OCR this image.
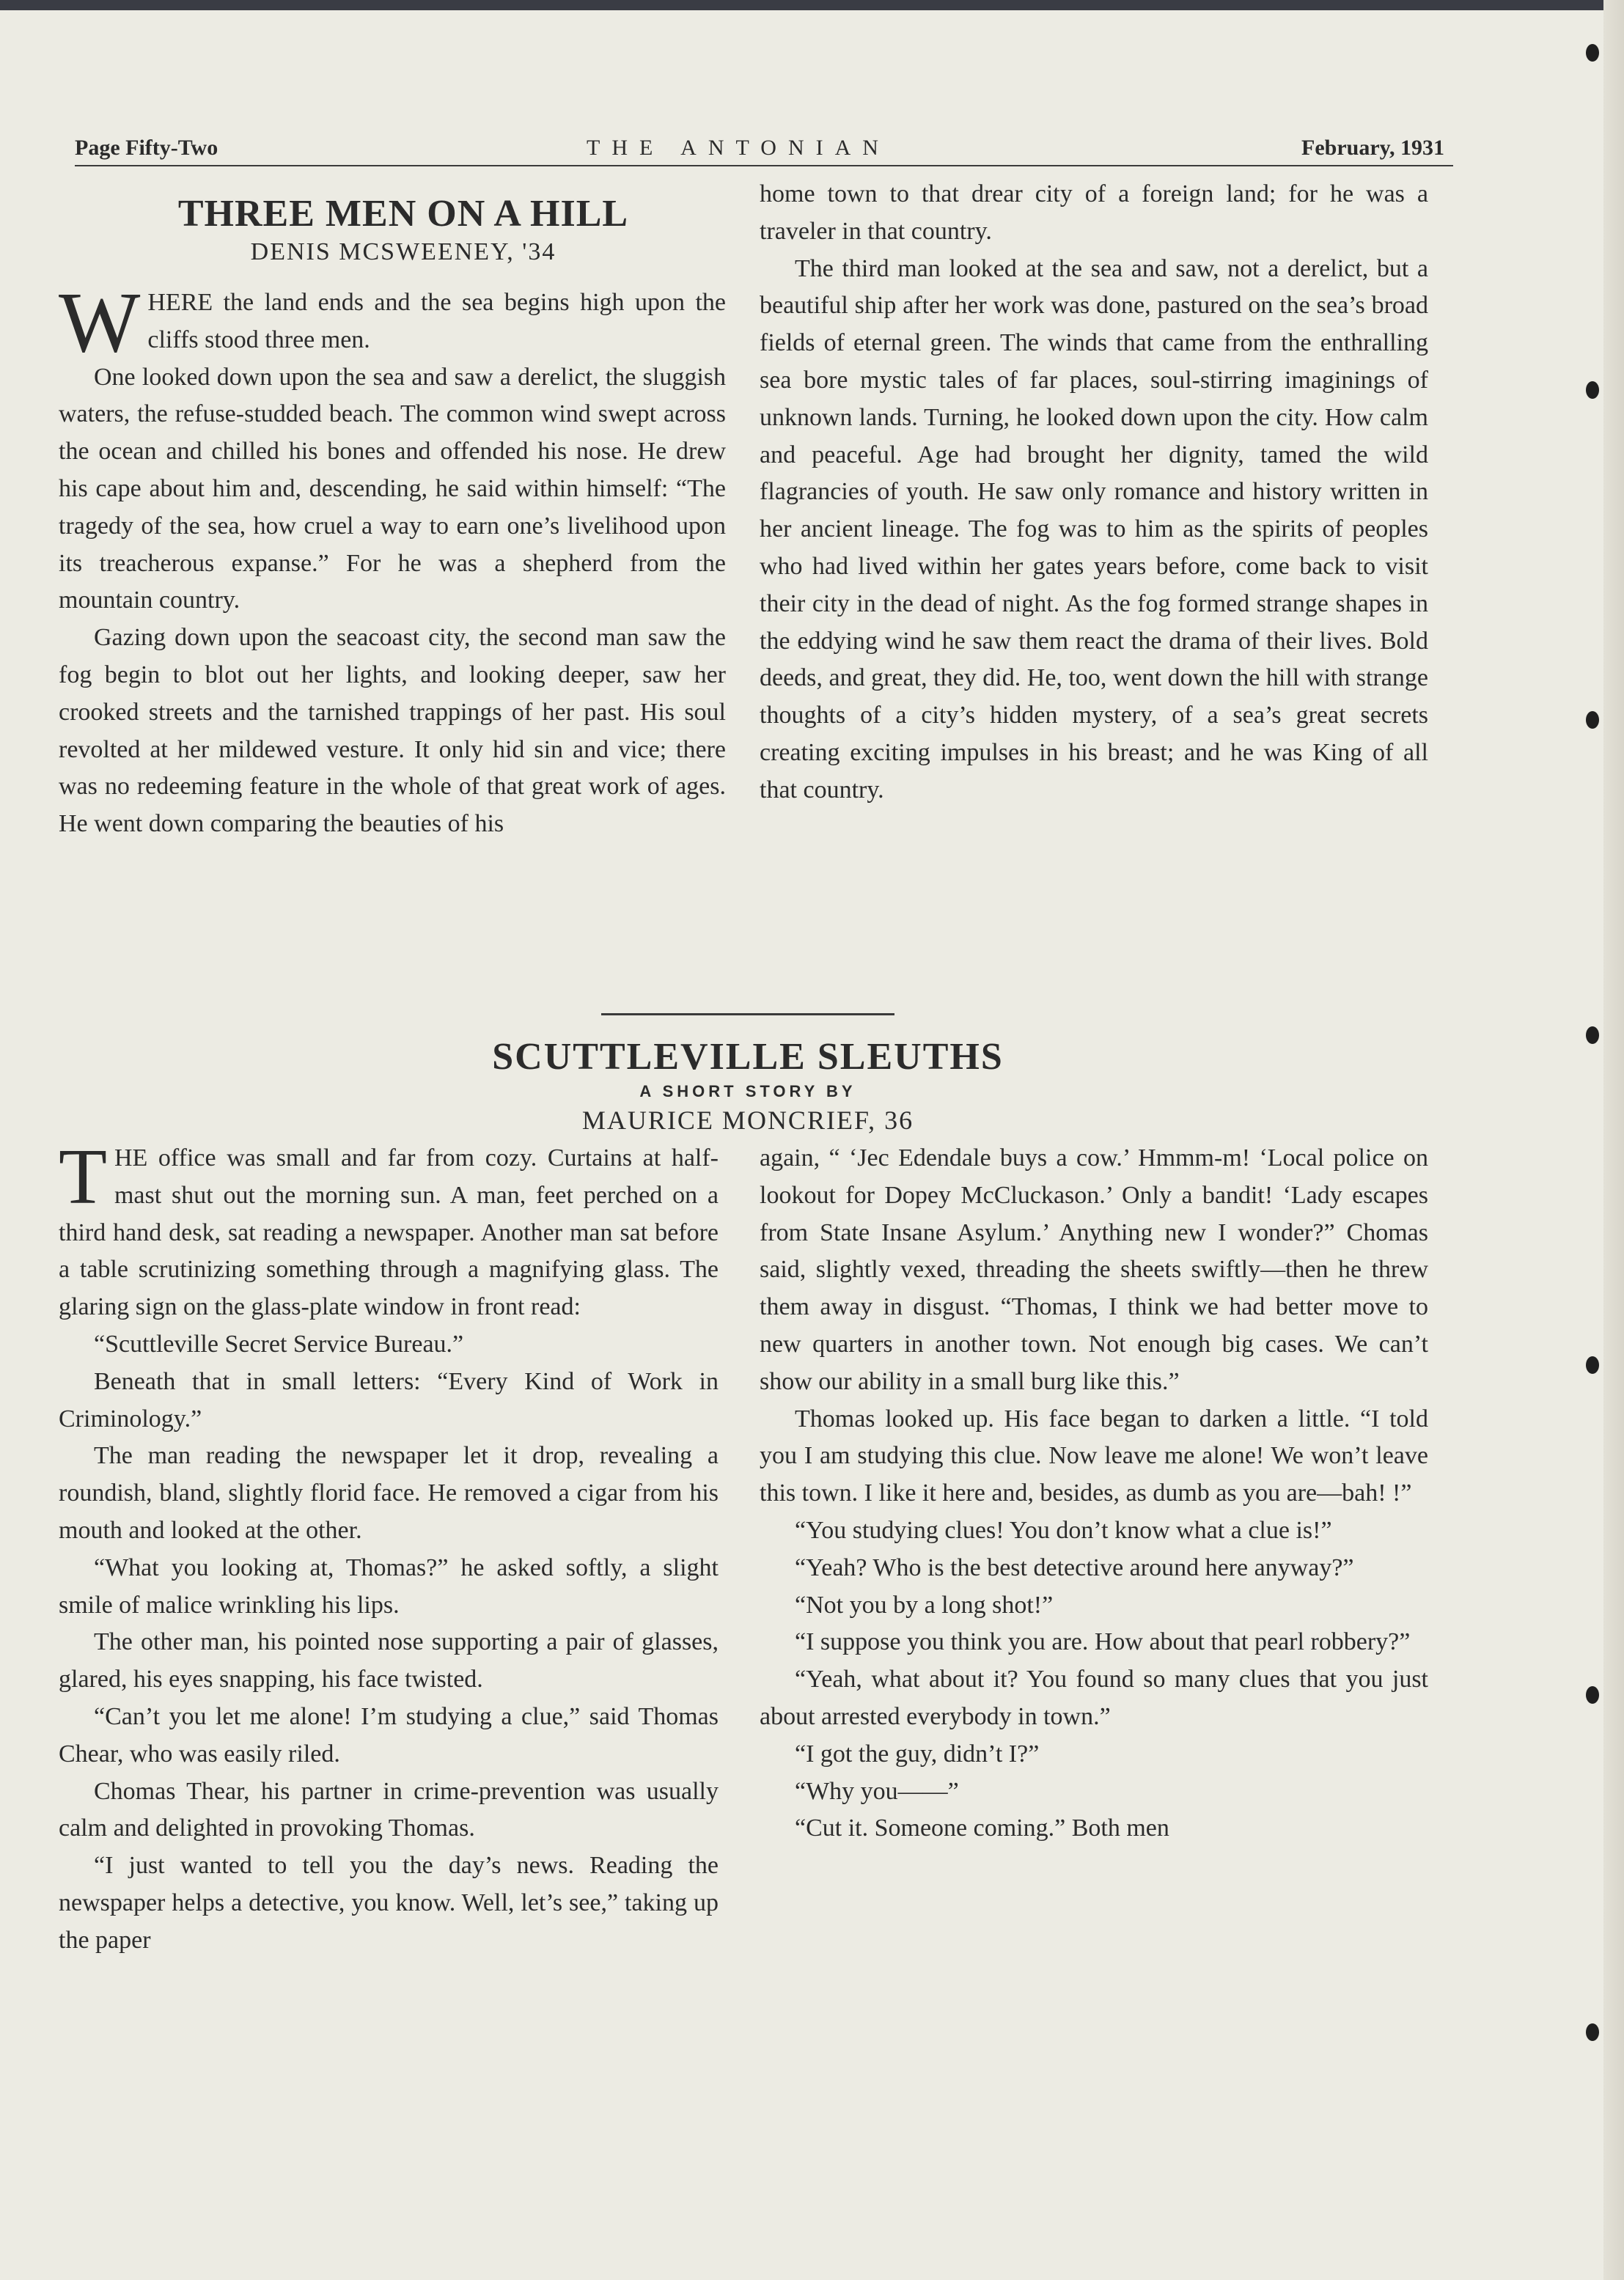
Page Fifty-Two	THE ANTONIAN	February, 1931
THREE MEN ON A HILL
DENIS MCSWEENEY, '34

WHERE the land ends and the sea begins high upon the cliffs stood three men.

One looked down upon the sea and saw a derelict, the sluggish waters, the refuse-studded beach. The common wind swept across the ocean and chilled his bones and offended his nose. He drew his cape about him and, descending, he said within himself: “The tragedy of the sea, how cruel a way to earn one’s livelihood upon its treacherous expanse.” For he was a shepherd from the mountain country.

Gazing down upon the seacoast city, the second man saw the fog begin to blot out her lights, and looking deeper, saw her crooked streets and the tarnished trappings of her past. His soul revolted at her mildewed vesture. It only hid sin and vice; there was no redeeming feature in the whole of that great work of ages. He went down comparing the beauties of his

home town to that drear city of a foreign land; for he was a traveler in that country.

The third man looked at the sea and saw, not a derelict, but a beautiful ship after her work was done, pastured on the sea’s broad fields of eternal green. The winds that came from the enthralling sea bore mystic tales of far places, soul-stirring imaginings of unknown lands. Turning, he looked down upon the city. How calm and peaceful. Age had brought her dignity, tamed the wild flagrancies of youth. He saw only romance and history written in her ancient lineage. The fog was to him as the spirits of peoples who had lived within her gates years before, come back to visit their city in the dead of night. As the fog formed strange shapes in the eddying wind he saw them react the drama of their lives. Bold deeds, and great, they did. He, too, went down the hill with strange thoughts of a city’s hidden mystery, of a sea’s great secrets creating exciting impulses in his breast; and he was King of all that country.

SCUTTLEVILLE SLEUTHS
A SHORT STORY BY
MAURICE MONCRIEF, 36

THE office was small and far from cozy. Curtains at half-mast shut out the morning sun. A man, feet perched on a third hand desk, sat reading a newspaper. Another man sat before a table scrutinizing something through a magnifying glass. The glaring sign on the glass-plate window in front read:

“Scuttleville Secret Service Bureau.”

Beneath that in small letters: “Every Kind of Work in Criminology.”

The man reading the newspaper let it drop, revealing a roundish, bland, slightly florid face. He removed a cigar from his mouth and looked at the other.

“What you looking at, Thomas?” he asked softly, a slight smile of malice wrinkling his lips.

The other man, his pointed nose supporting a pair of glasses, glared, his eyes snapping, his face twisted.

“Can’t you let me alone! I’m studying a clue,” said Thomas Chear, who was easily riled.

Chomas Thear, his partner in crime-prevention was usually calm and delighted in provoking Thomas.

“I just wanted to tell you the day’s news. Reading the newspaper helps a detective, you know. Well, let’s see,” taking up the paper

again, “ ‘Jec Edendale buys a cow.’ Hmmm-m! ‘Local police on lookout for Dopey McCluckason.’ Only a bandit! ‘Lady escapes from State Insane Asylum.’ Anything new I wonder?” Chomas said, slightly vexed, threading the sheets swiftly—then he threw them away in disgust. “Thomas, I think we had better move to new quarters in another town. Not enough big cases. We can’t show our ability in a small burg like this.”

Thomas looked up. His face began to darken a little. “I told you I am studying this clue. Now leave me alone! We won’t leave this town. I like it here and, besides, as dumb as you are—bah! !”

“You studying clues! You don’t know what a clue is!”

“Yeah? Who is the best detective around here anyway?”

“Not you by a long shot!”

“I suppose you think you are. How about that pearl robbery?”

“Yeah, what about it? You found so many clues that you just about arrested everybody in town.”

“I got the guy, didn’t I?”

“Why you——”

“Cut it. Someone coming.” Both men
